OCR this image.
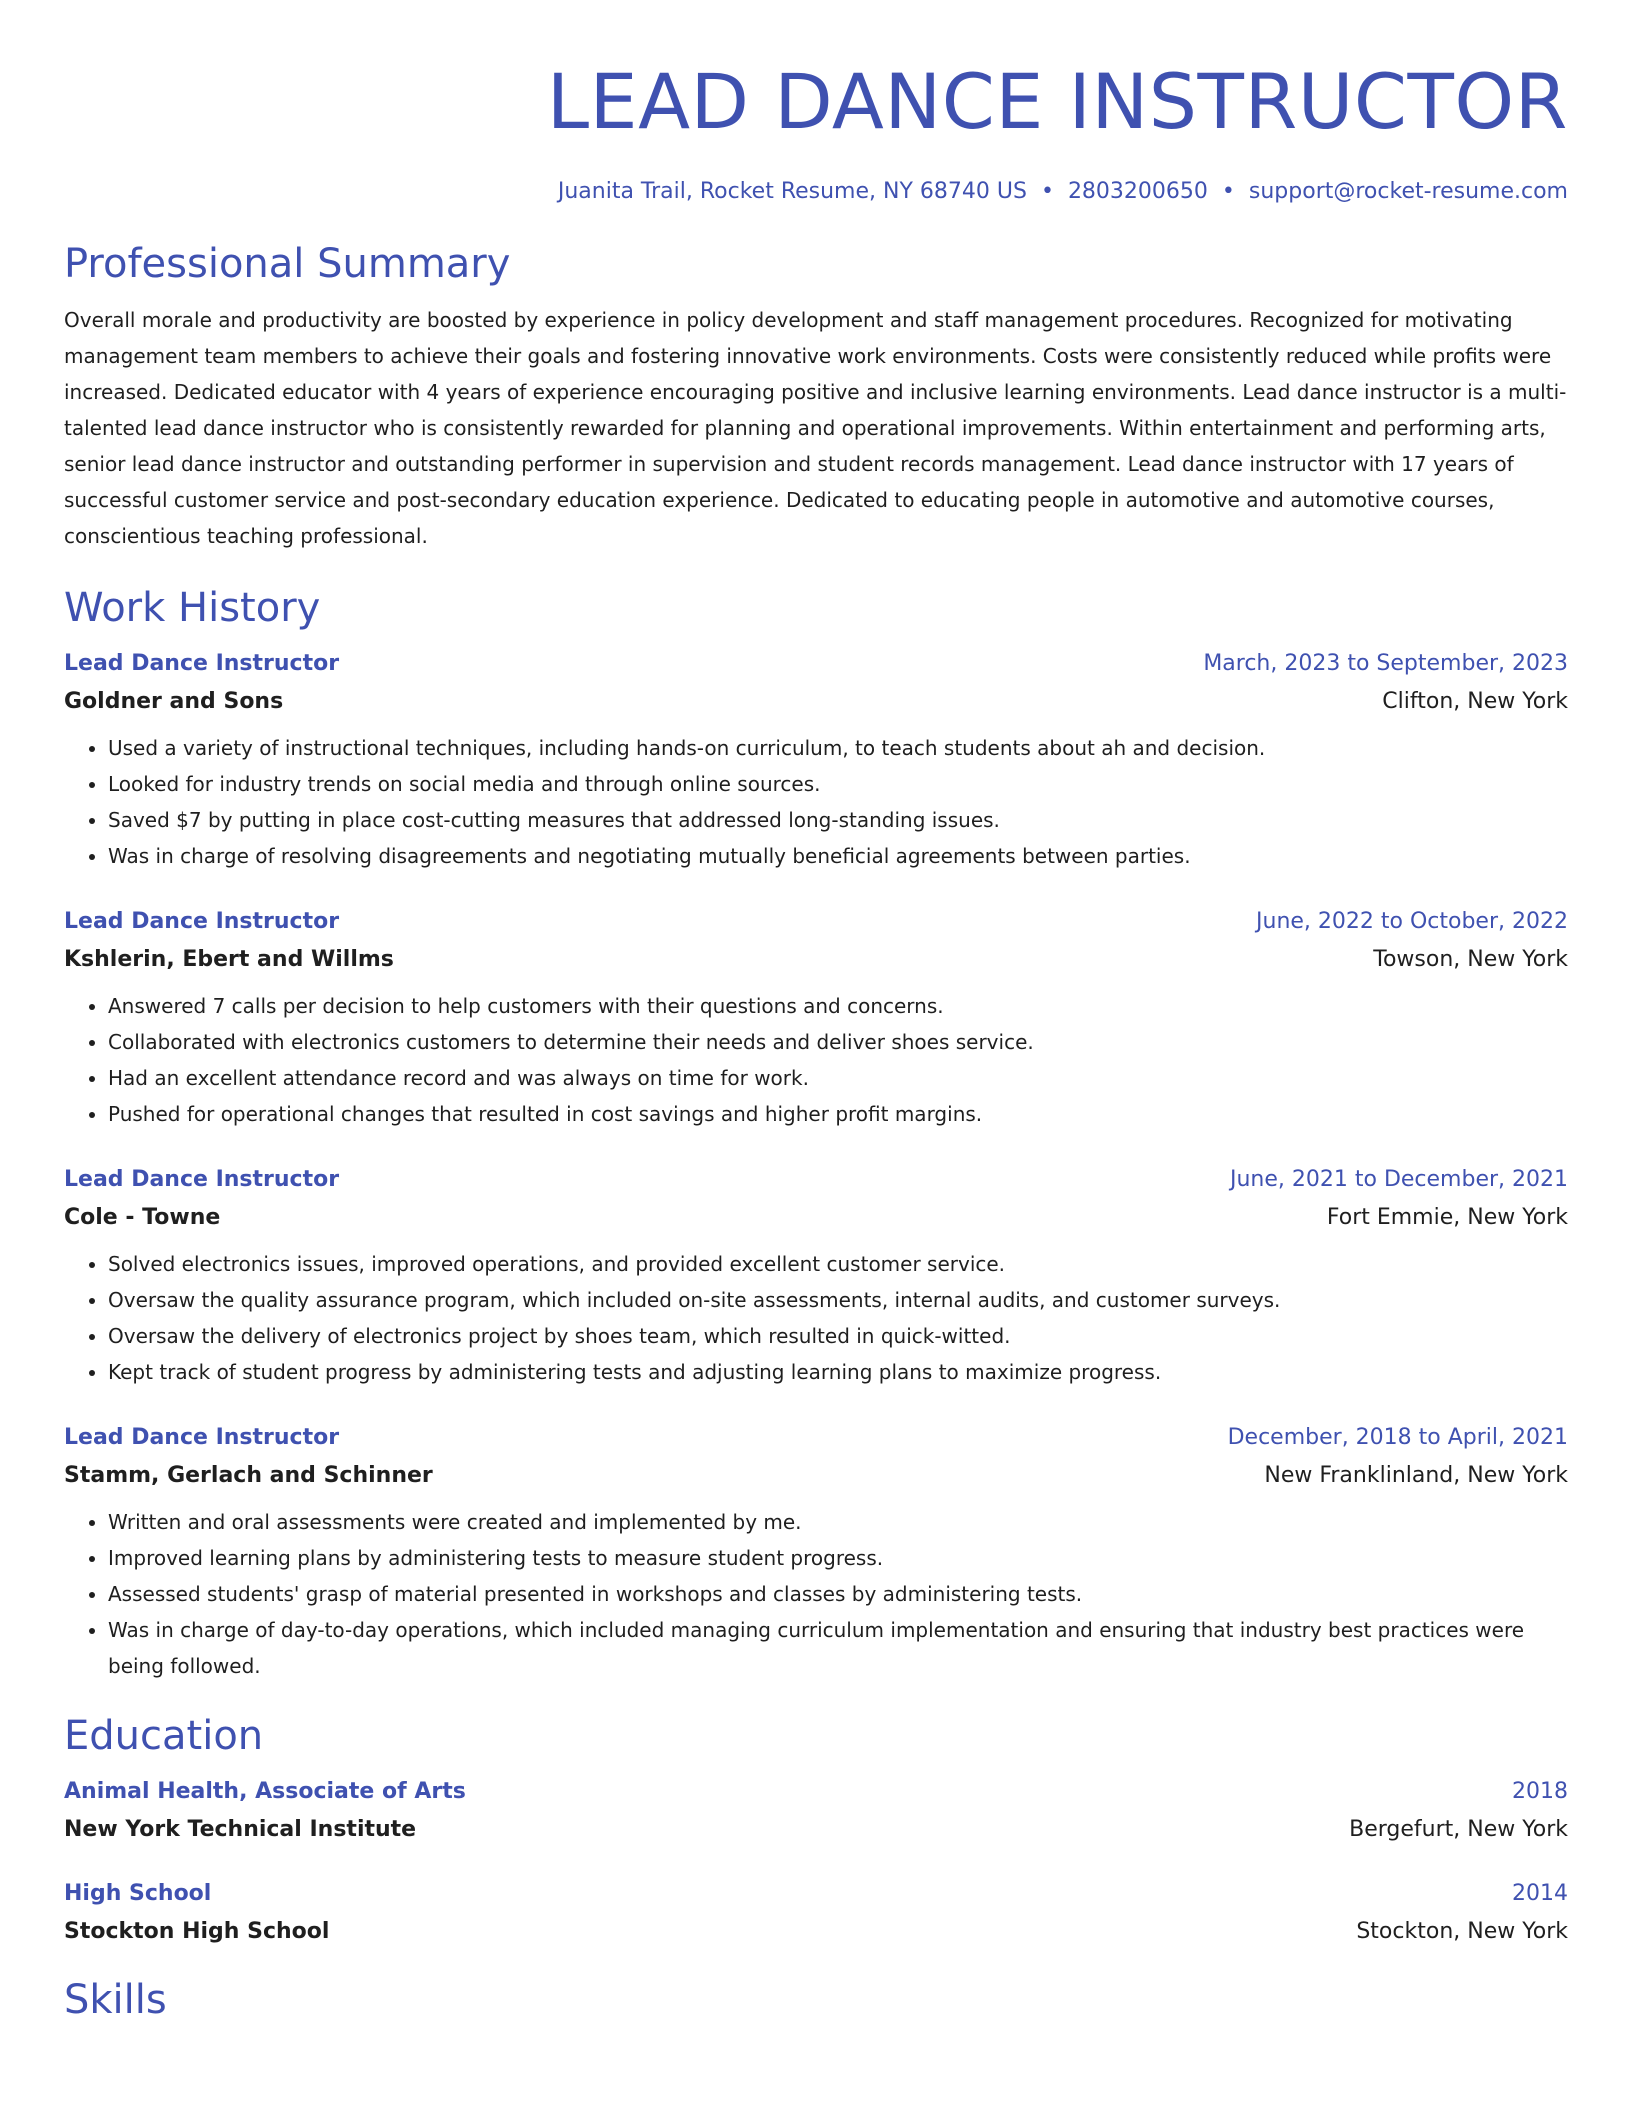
LEAD DANCE INSTRUCTOR
Juanita Trail, Rocket Resume, NY 68740 US • 2803200650 • support@rocket-resume.com
Professional Summary

Overall morale and productivity are boosted by experience in policy development and staff management procedures. Recognized for motivating management team members to achieve their goals and fostering innovative work environments. Costs were consistently reduced while profits were increased. Dedicated educator with 4 years of experience encouraging positive and inclusive learning environments. Lead dance instructor is a multi-talented lead dance instructor who is consistently rewarded for planning and operational improvements. Within entertainment and performing arts, senior lead dance instructor and outstanding performer in supervision and student records management. Lead dance instructor with 17 years of successful customer service and post-secondary education experience. Dedicated to educating people in automotive and automotive courses, conscientious teaching professional.

Work History
Lead Dance Instructor	March, 2023 to September, 2023
Goldner and Sons	Clifton, New York
• Used a variety of instructional techniques, including hands-on curriculum, to teach students about ah and decision.
• Looked for industry trends on social media and through online sources.
• Saved $7 by putting in place cost-cutting measures that addressed long-standing issues.
• Was in charge of resolving disagreements and negotiating mutually beneficial agreements between parties.
Lead Dance Instructor	June, 2022 to October, 2022
Kshlerin, Ebert and Willms	Towson, New York
• Answered 7 calls per decision to help customers with their questions and concerns.
• Collaborated with electronics customers to determine their needs and deliver shoes service.
• Had an excellent attendance record and was always on time for work.
• Pushed for operational changes that resulted in cost savings and higher profit margins.
Lead Dance Instructor	June, 2021 to December, 2021
Cole - Towne	Fort Emmie, New York
• Solved electronics issues, improved operations, and provided excellent customer service.
• Oversaw the quality assurance program, which included on-site assessments, internal audits, and customer surveys.
• Oversaw the delivery of electronics project by shoes team, which resulted in quick-witted.
• Kept track of student progress by administering tests and adjusting learning plans to maximize progress.
Lead Dance Instructor	December, 2018 to April, 2021
Stamm, Gerlach and Schinner	New Franklinland, New York
• Written and oral assessments were created and implemented by me.
• Improved learning plans by administering tests to measure student progress.
• Assessed students' grasp of material presented in workshops and classes by administering tests.
• Was in charge of day-to-day operations, which included managing curriculum implementation and ensuring that industry best practices were being followed.
Education
Animal Health, Associate of Arts	2018
New York Technical Institute	Bergefurt, New York
High School	2014
Stockton High School	Stockton, New York
Skills
